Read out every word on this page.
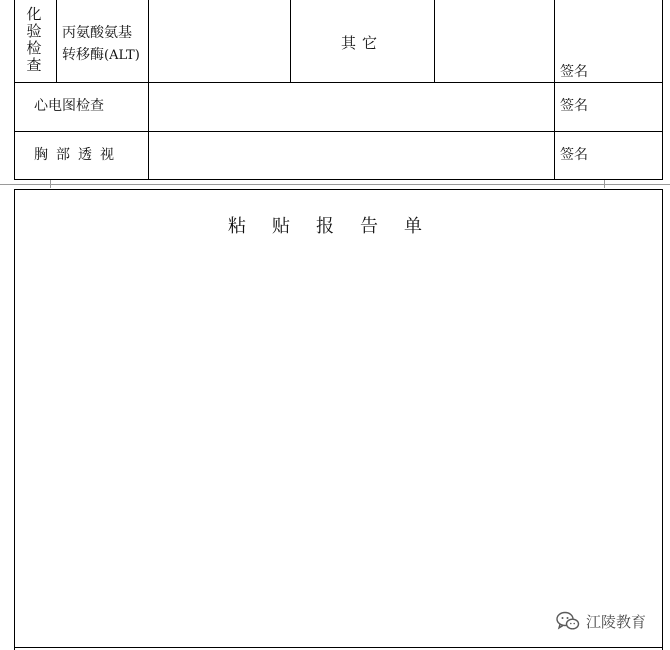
化验检查
丙氨酸氨基
转移酶(ALT)
其它
签名
心电图检查	签名
胸部透视	签名
粘贴报告单
江陵教育
